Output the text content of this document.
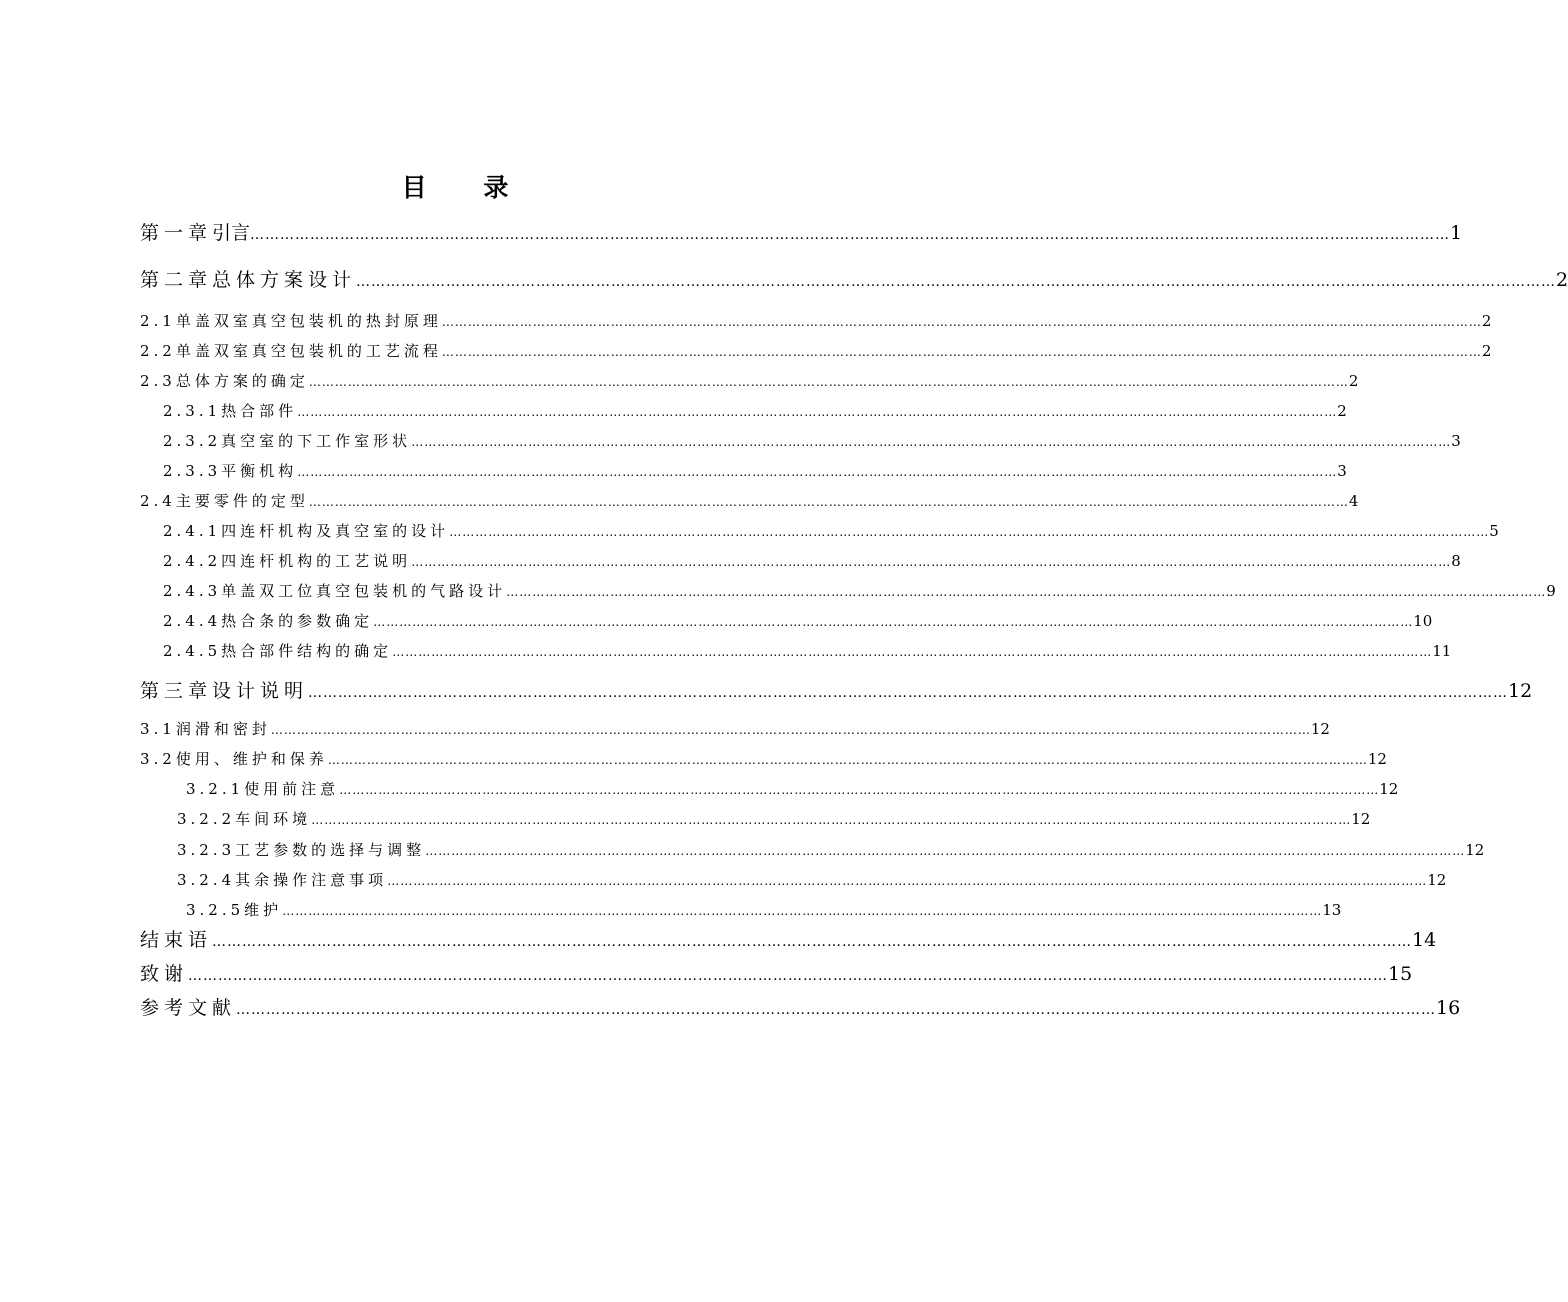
目 录
第一章 引言 …………………………………………………………………………………………………………………………………………………………………………………………………………………… 1
第二章 总体方案设计 …………………………………………………………………………………………………………………………………………………………………………………………………………………… 2
2.1 单盖双室真空包装机的热封原理 …………………………………………………………………………………………………………………………………………………………………………………………………………………… 2
2.2 单盖双室真空包装机的工艺流程 …………………………………………………………………………………………………………………………………………………………………………………………………………………… 2
2.3 总体方案的确定 …………………………………………………………………………………………………………………………………………………………………………………………………………………… 2
2.3.1 热合部件 …………………………………………………………………………………………………………………………………………………………………………………………………………………… 2
2.3.2 真空室的下工作室形状 …………………………………………………………………………………………………………………………………………………………………………………………………………………… 3
2.3.3 平衡机构 …………………………………………………………………………………………………………………………………………………………………………………………………………………… 3
2.4 主要零件的定型 …………………………………………………………………………………………………………………………………………………………………………………………………………………… 4
2.4.1 四连杆机构及真空室的设计 …………………………………………………………………………………………………………………………………………………………………………………………………………………… 5
2.4.2 四连杆机构的工艺说明 …………………………………………………………………………………………………………………………………………………………………………………………………………………… 8
2.4.3 单盖双工位真空包装机的气路设计 …………………………………………………………………………………………………………………………………………………………………………………………………………………… 9
2.4.4 热合条的参数确定 …………………………………………………………………………………………………………………………………………………………………………………………………………………… 10
2.4.5 热合部件结构的确定 …………………………………………………………………………………………………………………………………………………………………………………………………………………… 11
第三章 设计说明 …………………………………………………………………………………………………………………………………………………………………………………………………………………… 12
3.1 润滑和密封 …………………………………………………………………………………………………………………………………………………………………………………………………………………… 12
3.2 使用、维护和保养 …………………………………………………………………………………………………………………………………………………………………………………………………………………… 12
3.2.1 使用前注意 …………………………………………………………………………………………………………………………………………………………………………………………………………………… 12
3.2.2 车间环境 …………………………………………………………………………………………………………………………………………………………………………………………………………………… 12
3.2.3 工艺参数的选择与调整 …………………………………………………………………………………………………………………………………………………………………………………………………………………… 12
3.2.4 其余操作注意事项 …………………………………………………………………………………………………………………………………………………………………………………………………………………… 12
3.2.5 维护 …………………………………………………………………………………………………………………………………………………………………………………………………………………… 13
结束语 …………………………………………………………………………………………………………………………………………………………………………………………………………………… 14
致谢 …………………………………………………………………………………………………………………………………………………………………………………………………………………… 15
参考文献 …………………………………………………………………………………………………………………………………………………………………………………………………………………… 16
